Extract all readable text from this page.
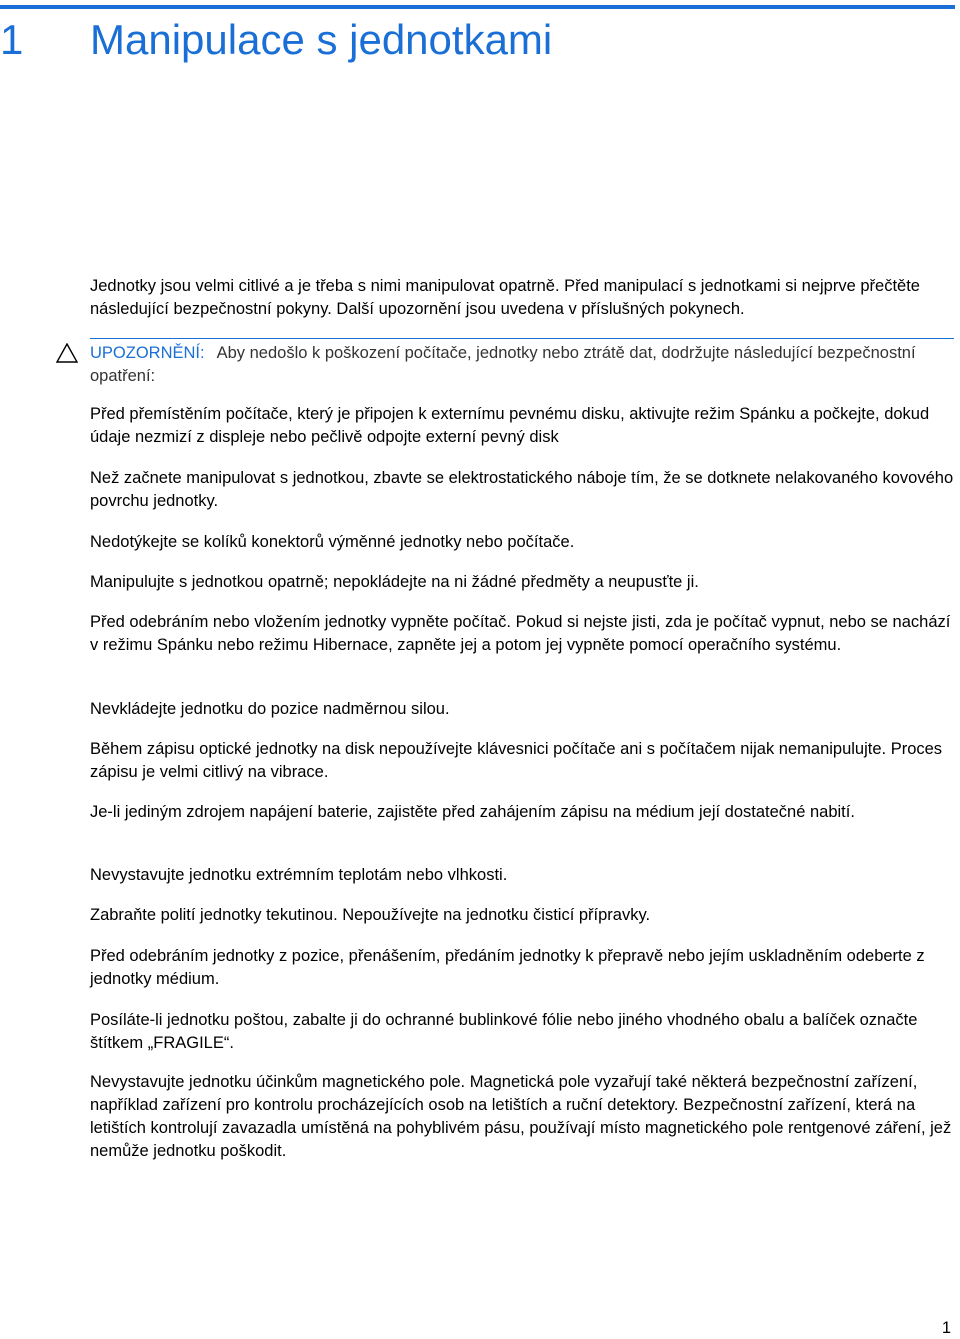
1 Manipulace s jednotkami

Jednotky jsou velmi citlivé a je třeba s nimi manipulovat opatrně. Před manipulací s jednotkami si nejprve přečtěte následující bezpečnostní pokyny. Další upozornění jsou uvedena v příslušných pokynech.

UPOZORNĚNÍ: Aby nedošlo k poškození počítače, jednotky nebo ztrátě dat, dodržujte následující bezpečnostní opatření:

Před přemístěním počítače, který je připojen k externímu pevnému disku, aktivujte režim Spánku a počkejte, dokud údaje nezmizí z displeje nebo pečlivě odpojte externí pevný disk

Než začnete manipulovat s jednotkou, zbavte se elektrostatického náboje tím, že se dotknete nelakovaného kovového povrchu jednotky.

Nedotýkejte se kolíků konektorů výměnné jednotky nebo počítače.

Manipulujte s jednotkou opatrně; nepokládejte na ni žádné předměty a neupusťte ji.

Před odebráním nebo vložením jednotky vypněte počítač. Pokud si nejste jisti, zda je počítač vypnut, nebo se nachází v režimu Spánku nebo režimu Hibernace, zapněte jej a potom jej vypněte pomocí operačního systému.

Nevkládejte jednotku do pozice nadměrnou silou.

Během zápisu optické jednotky na disk nepoužívejte klávesnici počítače ani s počítačem nijak nemanipulujte. Proces zápisu je velmi citlivý na vibrace.

Je-li jediným zdrojem napájení baterie, zajistěte před zahájením zápisu na médium její dostatečné nabití.

Nevystavujte jednotku extrémním teplotám nebo vlhkosti.

Zabraňte polití jednotky tekutinou. Nepoužívejte na jednotku čisticí přípravky.

Před odebráním jednotky z pozice, přenášením, předáním jednotky k přepravě nebo jejím uskladněním odeberte z jednotky médium.

Posíláte-li jednotku poštou, zabalte ji do ochranné bublinkové fólie nebo jiného vhodného obalu a balíček označte štítkem „FRAGILE“.

Nevystavujte jednotku účinkům magnetického pole. Magnetická pole vyzařují také některá bezpečnostní zařízení, například zařízení pro kontrolu procházejících osob na letištích a ruční detektory. Bezpečnostní zařízení, která na letištích kontrolují zavazadla umístěná na pohyblivém pásu, používají místo magnetického pole rentgenové záření, jež nemůže jednotku poškodit.

1
